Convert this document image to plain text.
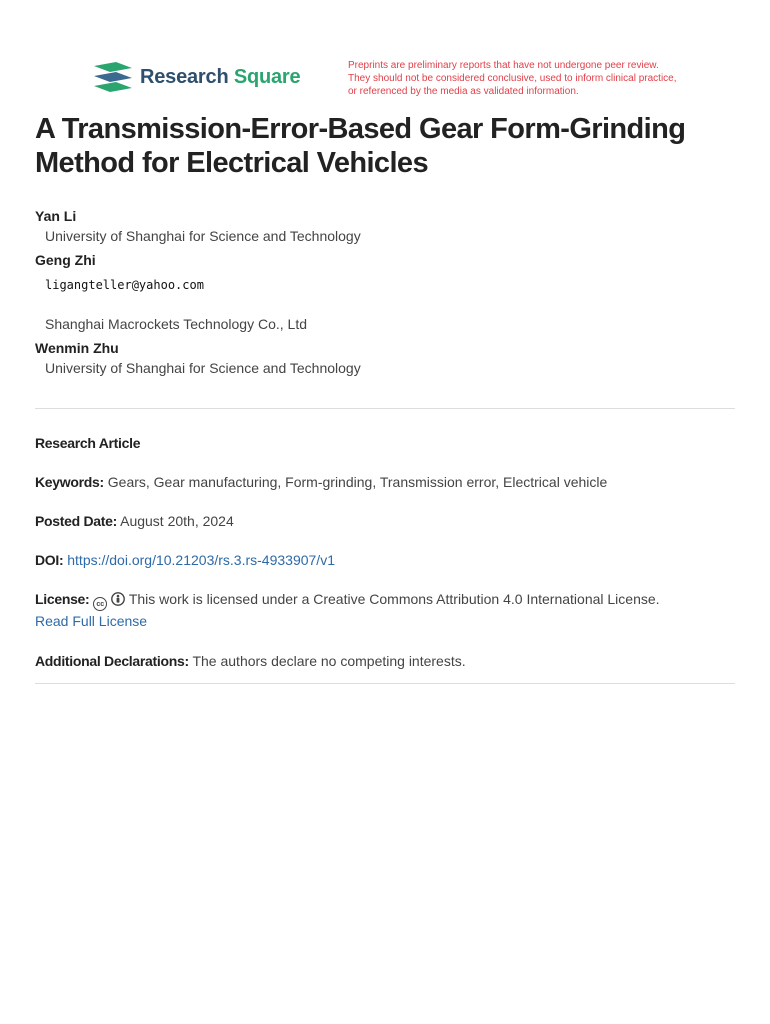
Research Square	Preprints are preliminary reports that have not undergone peer review.
They should not be considered conclusive, used to inform clinical practice,
or referenced by the media as validated information.
A Transmission-Error-Based Gear Form-Grinding Method for Electrical Vehicles
Yan Li
University of Shanghai for Science and Technology
Geng Zhi
ligangteller@yahoo.com
Shanghai Macrockets Technology Co., Ltd
Wenmin Zhu
University of Shanghai for Science and Technology
Research Article
Keywords: Gears, Gear manufacturing, Form-grinding, Transmission error, Electrical vehicle
Posted Date: August 20th, 2024
DOI: https://doi.org/10.21203/rs.3.rs-4933907/v1
License: cc This work is licensed under a Creative Commons Attribution 4.0 International License.
Read Full License
Additional Declarations: The authors declare no competing interests.
